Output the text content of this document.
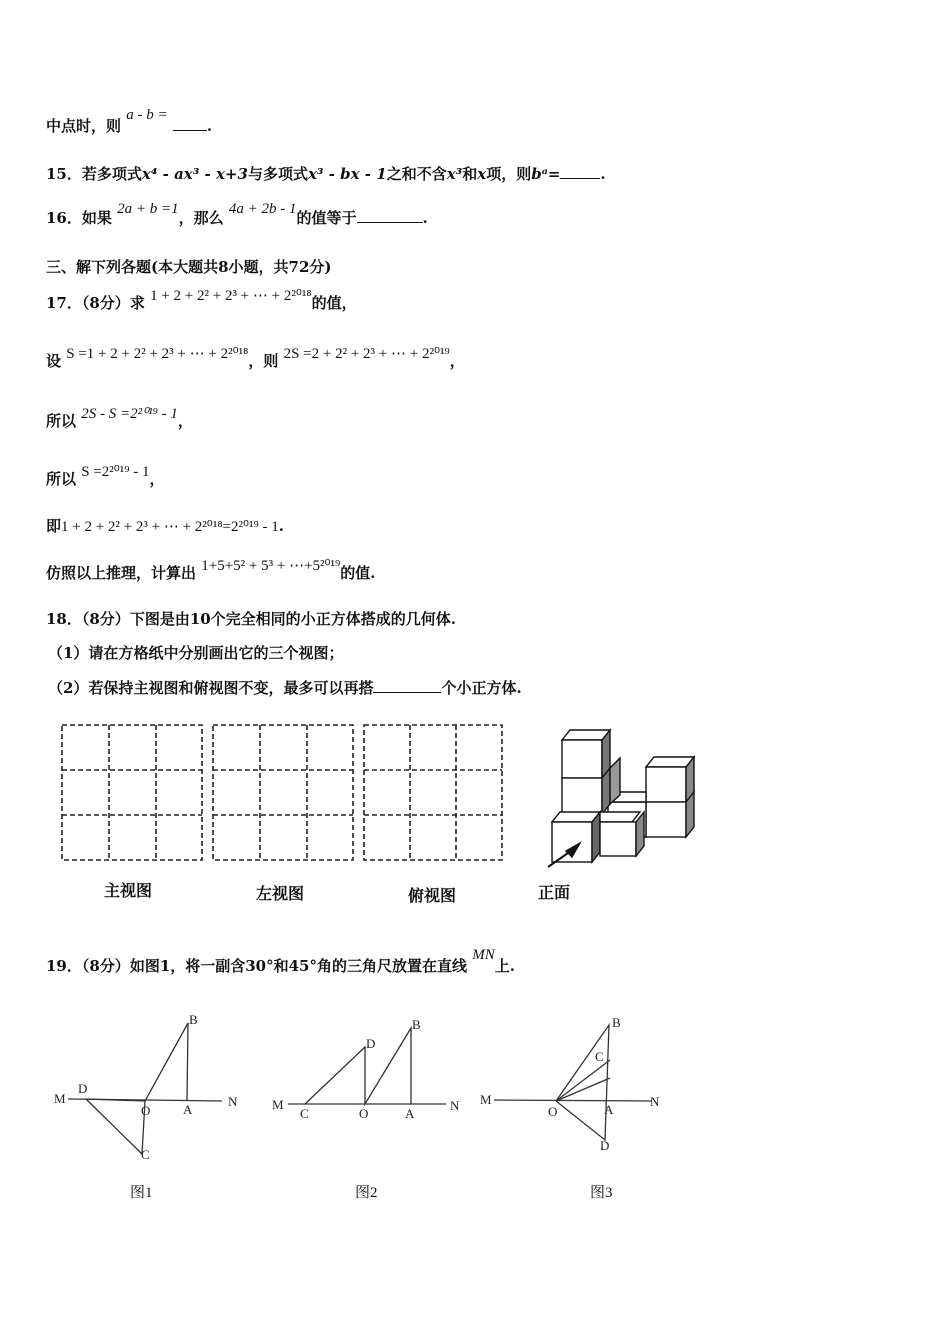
中点时，则 a - b = .
15．若多项式x⁴ - ax³ - x+3与多项式x³ - bx - 1之和不含x³和x项，则bᵃ=	.
16．如果 2a + b =1，那么 4a + 2b - 1的值等于	.
三、解下列各题(本大题共8小题，共72分)
17．（8分）求 1 + 2 + 2² + 2³ + ⋯ + 2²⁰¹⁸的值，
设 S =1 + 2 + 2² + 2³ + ⋯ + 2²⁰¹⁸，则 2S =2 + 2² + 2³ + ⋯ + 2²⁰¹⁹，
所以 2S - S =2²⁰¹⁹ - 1，
所以 S =2²⁰¹⁹ - 1，
即1 + 2 + 2² + 2³ + ⋯ + 2²⁰¹⁸=2²⁰¹⁹ - 1.
仿照以上推理，计算出 1+5+5² + 5³ + ⋯+5²⁰¹⁹的值.
18．（8分）下图是由10个完全相同的小正方体搭成的几何体.
（1）请在方格纸中分别画出它的三个视图；
（2）若保持主视图和俯视图不变，最多可以再搭	个小正方体.
主视图	左视图	俯视图	正面
19．（8分）如图1，将一副含30°和45°角的三角尺放置在直线 MN上.
M
D
O	A
N
B
C
M
C	O	A
N
D
B
M
O	A
N
B
C
D
图1	图2	图3
